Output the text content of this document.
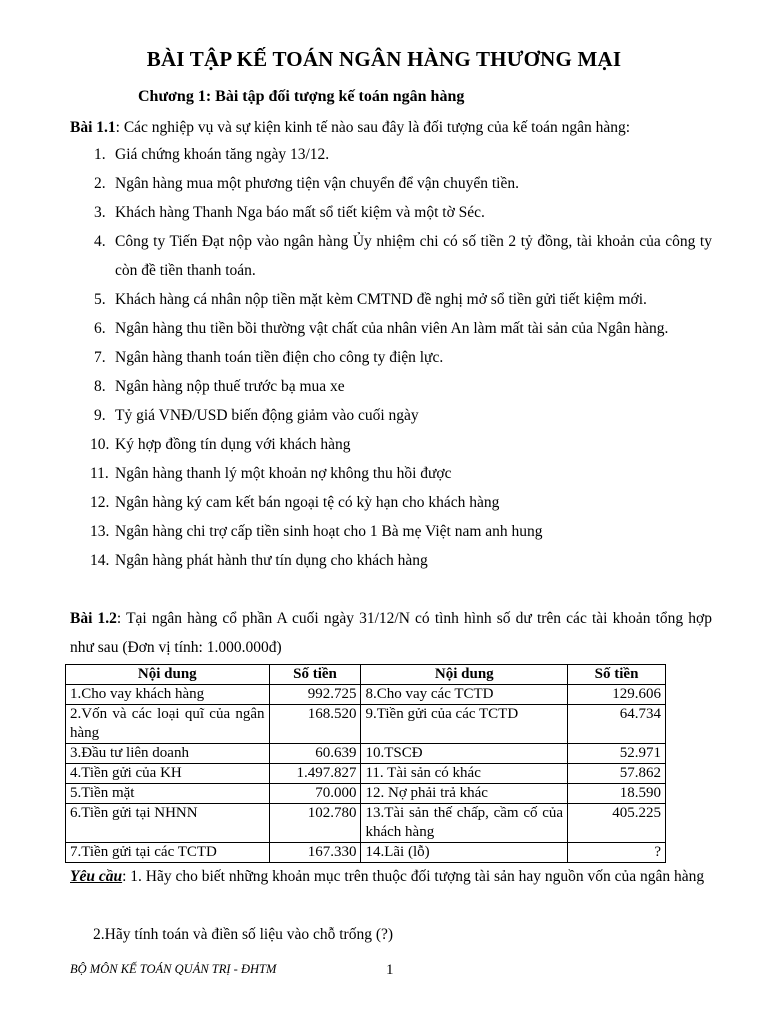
BÀI TẬP KẾ TOÁN NGÂN HÀNG THƯƠNG MẠI
Chương 1: Bài tập đối tượng kế toán ngân hàng
Bài 1.1: Các nghiệp vụ và sự kiện kinh tế nào sau đây là đối tượng của kế toán ngân hàng:
1. Giá chứng khoán tăng ngày 13/12.
2. Ngân hàng mua một phương tiện vận chuyển để vận chuyển tiền.
3. Khách hàng Thanh Nga báo mất sổ tiết kiệm và một tờ Séc.
4. Công ty Tiến Đạt nộp vào ngân hàng Ủy nhiệm chi có số tiền 2 tỷ đồng, tài khoản của công ty còn đề tiền thanh toán.
5. Khách hàng cá nhân nộp tiền mặt kèm CMTND đề nghị mở sổ tiền gửi tiết kiệm mới.
6. Ngân hàng thu tiền bồi thường vật chất của nhân viên An làm mất tài sản của Ngân hàng.
7. Ngân hàng thanh toán tiền điện cho công ty điện lực.
8. Ngân hàng nộp thuế trước bạ mua xe
9. Tỷ giá VNĐ/USD biến động giảm vào cuối ngày
10. Ký hợp đồng tín dụng với khách hàng
11. Ngân hàng thanh lý một khoản nợ không thu hồi được
12. Ngân hàng ký cam kết bán ngoại tệ có kỳ hạn cho khách hàng
13. Ngân hàng chi trợ cấp tiền sinh hoạt cho 1 Bà mẹ Việt nam anh hung
14. Ngân hàng phát hành thư tín dụng cho khách hàng
Bài 1.2: Tại ngân hàng cổ phần A cuối ngày 31/12/N có tình hình số dư trên các tài khoản tổng hợp như sau (Đơn vị tính: 1.000.000đ)
Nội dung	Số tiền	Nội dung	Số tiền
1.Cho vay khách hàng	992.725	8.Cho vay các TCTD	129.606
2.Vốn và các loại quĩ của ngân hàng	168.520	9.Tiền gửi của các TCTD	64.734
3.Đầu tư liên doanh	60.639	10.TSCĐ	52.971
4.Tiền gửi của KH	1.497.827	11. Tài sản có khác	57.862
5.Tiền mặt	70.000	12. Nợ phải trả khác	18.590
6.Tiền gửi tại NHNN	102.780	13.Tài sản thế chấp, cầm cố của khách hàng	405.225
7.Tiền gửi tại các TCTD	167.330	14.Lãi (lỗ)	?
Yêu cầu: 1. Hãy cho biết những khoản mục trên thuộc đối tượng tài sản hay nguồn vốn của ngân hàng
2.Hãy tính toán và điền số liệu vào chỗ trống (?)
BỘ MÔN KẾ TOÁN QUẢN TRỊ - ĐHTM	1
